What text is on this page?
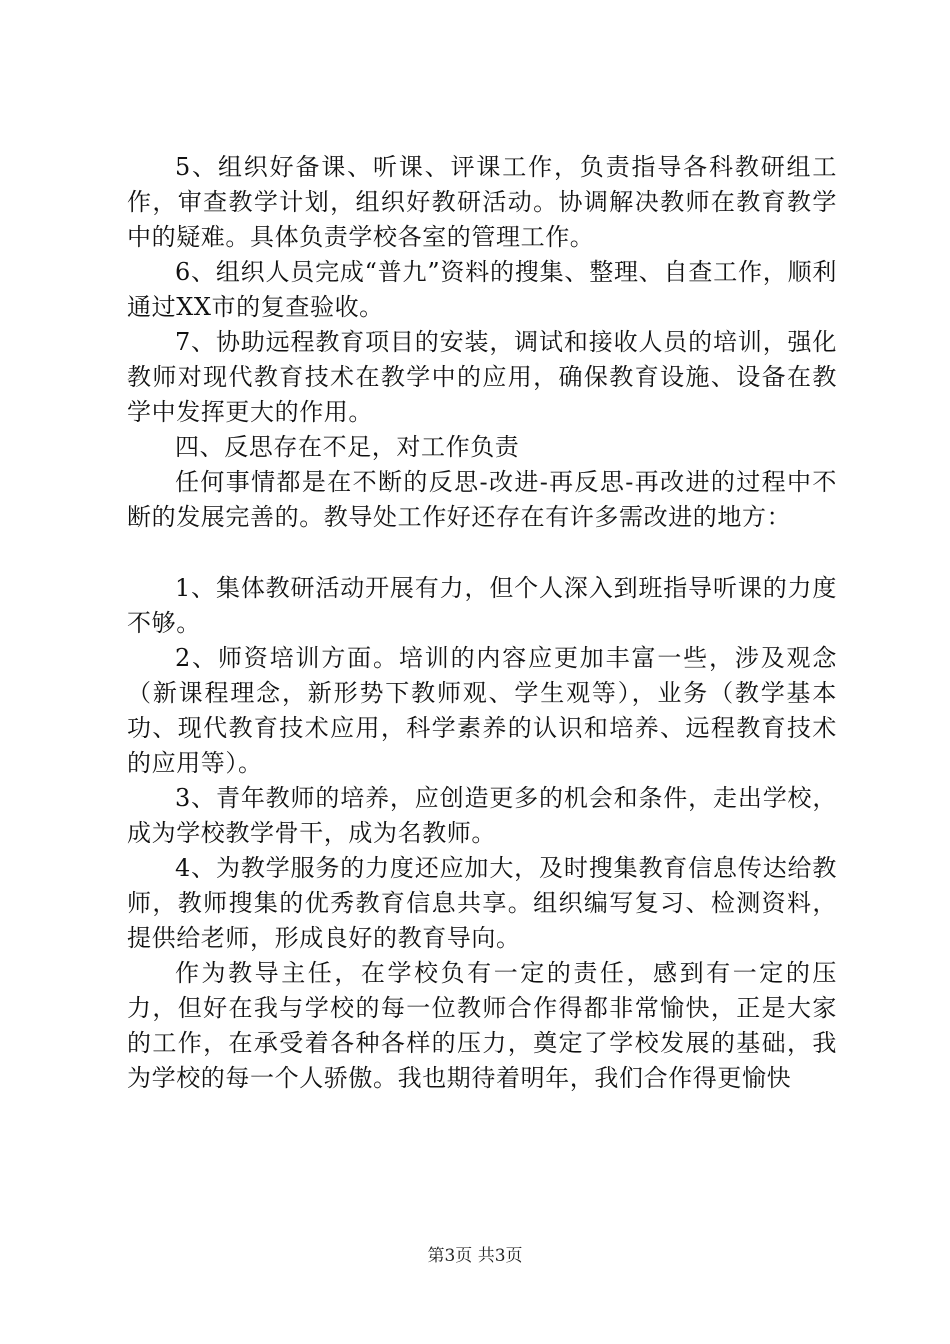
5、组织好备课、听课、评课工作，负责指导各科教研组工作，审查教学计划，组织好教研活动。协调解决教师在教育教学中的疑难。具体负责学校各室的管理工作。

6、组织人员完成“普九”资料的搜集、整理、自查工作，顺利通过XX市的复查验收。

7、协助远程教育项目的安装，调试和接收人员的培训，强化教师对现代教育技术在教学中的应用，确保教育设施、设备在教学中发挥更大的作用。

四、反思存在不足，对工作负责

任何事情都是在不断的反思-改进-再反思-再改进的过程中不断的发展完善的。教导处工作好还存在有许多需改进的地方：

1、集体教研活动开展有力，但个人深入到班指导听课的力度不够。

2、师资培训方面。培训的内容应更加丰富一些，涉及观念（新课程理念，新形势下教师观、学生观等），业务（教学基本功、现代教育技术应用，科学素养的认识和培养、远程教育技术的应用等）。

3、青年教师的培养，应创造更多的机会和条件，走出学校，成为学校教学骨干，成为名教师。

4、为教学服务的力度还应加大，及时搜集教育信息传达给教师，教师搜集的优秀教育信息共享。组织编写复习、检测资料，提供给老师，形成良好的教育导向。

作为教导主任，在学校负有一定的责任，感到有一定的压力，但好在我与学校的每一位教师合作得都非常愉快，正是大家的工作，在承受着各种各样的压力，奠定了学校发展的基础，我为学校的每一个人骄傲。我也期待着明年，我们合作得更愉快

第3页 共3页
